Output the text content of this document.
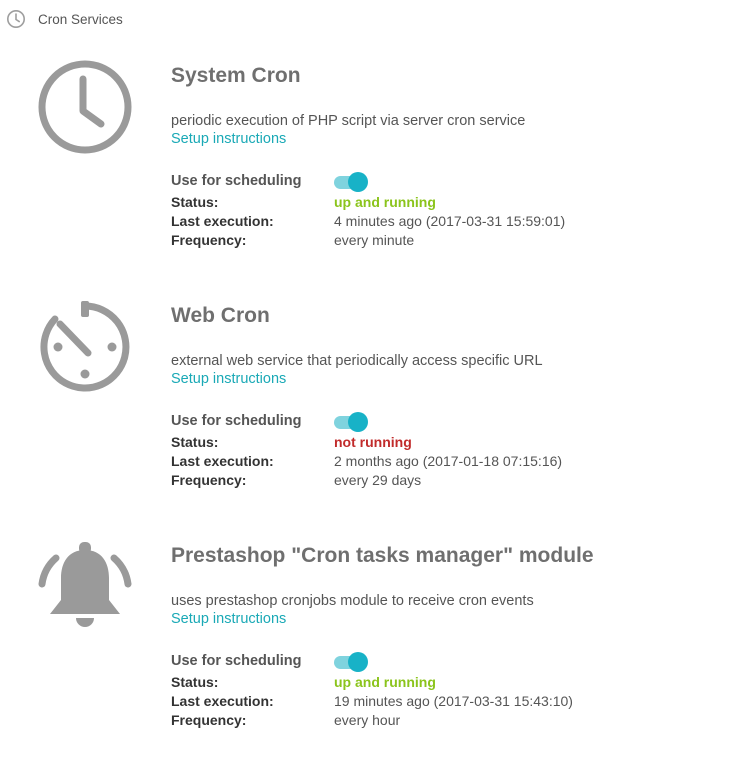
Cron Services
System Cron
periodic execution of PHP script via server cron service
Setup instructions
Use for scheduling
Status:	up and running
Last execution:	4 minutes ago (2017-03-31 15:59:01)
Frequency:	every minute
Web Cron
external web service that periodically access specific URL
Setup instructions
Use for scheduling
Status:	not running
Last execution:	2 months ago (2017-01-18 07:15:16)
Frequency:	every 29 days
Prestashop "Cron tasks manager" module
uses prestashop cronjobs module to receive cron events
Setup instructions
Use for scheduling
Status:	up and running
Last execution:	19 minutes ago (2017-03-31 15:43:10)
Frequency:	every hour
